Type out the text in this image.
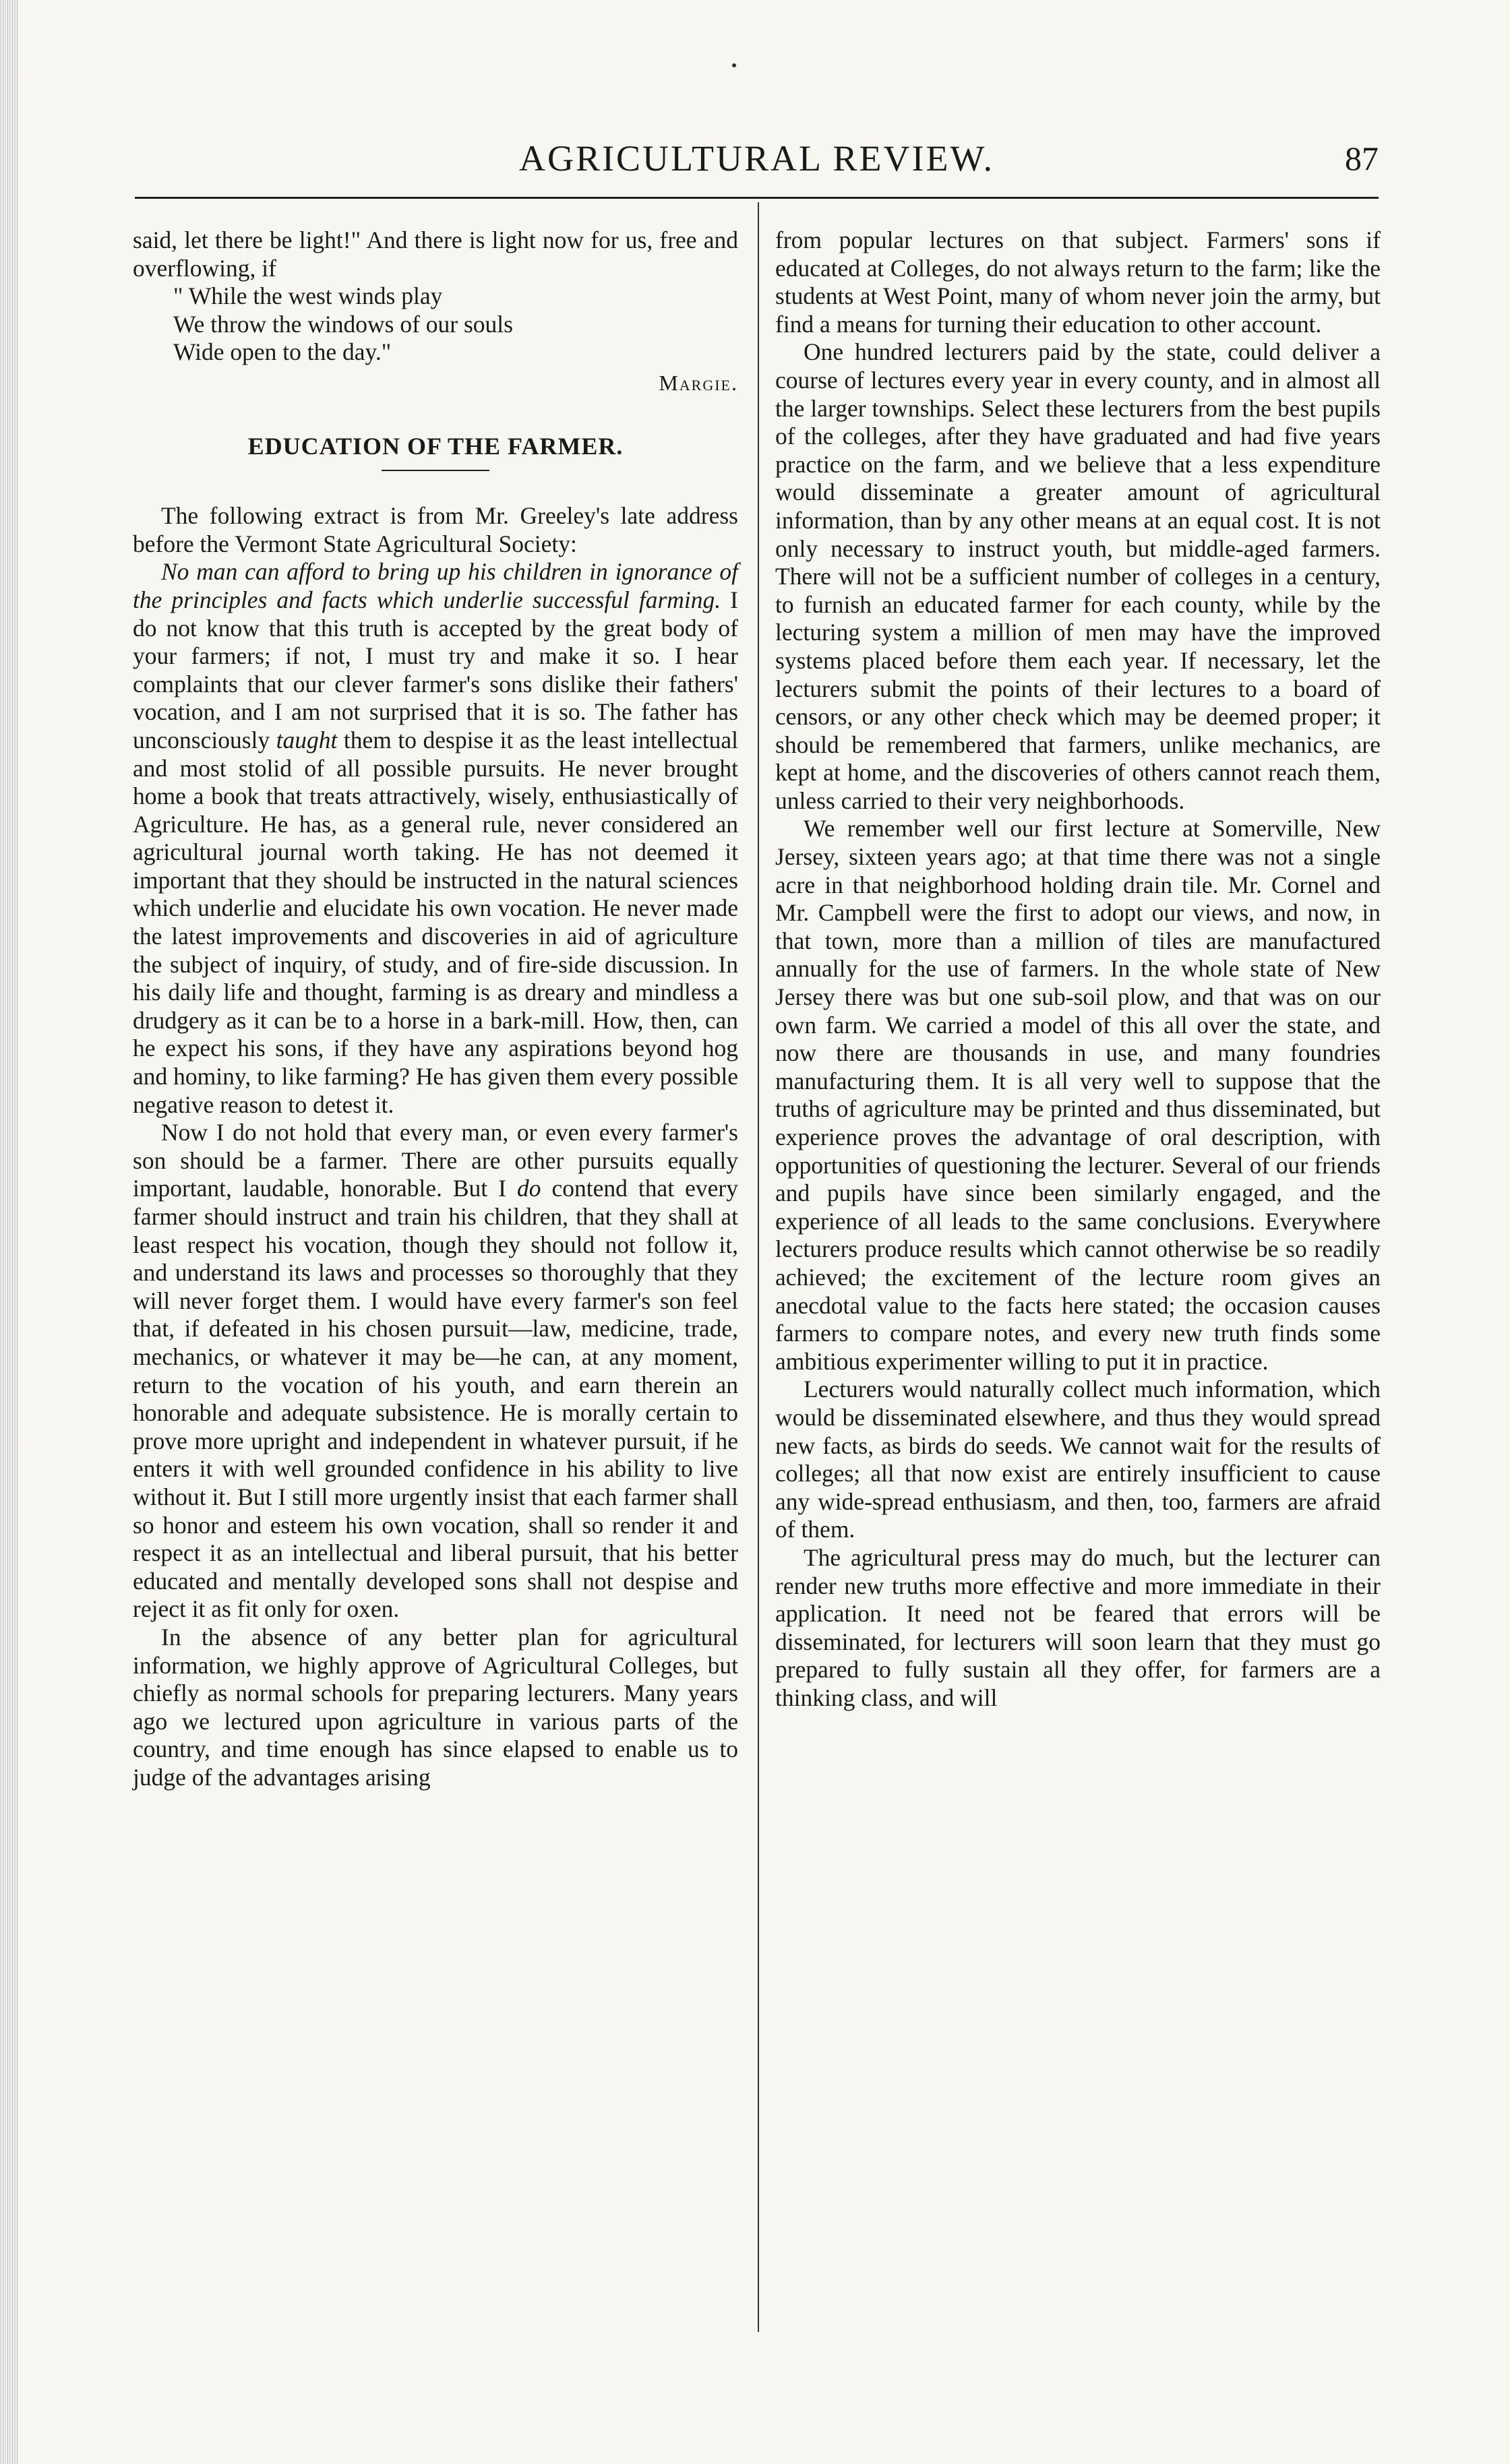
AGRICULTURAL REVIEW.	87

said, let there be light!" And there is light now for us, free and overflowing, if

" While the west winds play
We throw the windows of our souls
Wide open to the day."
Margie.
EDUCATION OF THE FARMER.

The following extract is from Mr. Greeley's late address before the Vermont State Agricultural Society:

No man can afford to bring up his children in ignorance of the principles and facts which underlie successful farming. I do not know that this truth is accepted by the great body of your farmers; if not, I must try and make it so. I hear complaints that our clever farmer's sons dislike their fathers' vocation, and I am not surprised that it is so. The father has unconsciously taught them to despise it as the least intellectual and most stolid of all possible pursuits. He never brought home a book that treats attractively, wisely, enthusiastically of Agriculture. He has, as a general rule, never considered an agricultural journal worth taking. He has not deemed it important that they should be instructed in the natural sciences which underlie and elucidate his own vocation. He never made the latest improvements and discoveries in aid of agriculture the subject of inquiry, of study, and of fire-side discussion. In his daily life and thought, farming is as dreary and mindless a drudgery as it can be to a horse in a bark-mill. How, then, can he expect his sons, if they have any aspirations beyond hog and hominy, to like farming? He has given them every possible negative reason to detest it.

Now I do not hold that every man, or even every farmer's son should be a farmer. There are other pursuits equally important, laudable, honorable. But I do contend that every farmer should instruct and train his children, that they shall at least respect his vocation, though they should not follow it, and understand its laws and processes so thoroughly that they will never forget them. I would have every farmer's son feel that, if defeated in his chosen pursuit—law, medicine, trade, mechanics, or whatever it may be—he can, at any moment, return to the vocation of his youth, and earn therein an honorable and adequate subsistence. He is morally certain to prove more upright and independent in whatever pursuit, if he enters it with well grounded confidence in his ability to live without it. But I still more urgently insist that each farmer shall so honor and esteem his own vocation, shall so render it and respect it as an intellectual and liberal pursuit, that his better educated and mentally developed sons shall not despise and reject it as fit only for oxen.

In the absence of any better plan for agricultural information, we highly approve of Agricultural Colleges, but chiefly as normal schools for preparing lecturers. Many years ago we lectured upon agriculture in various parts of the country, and time enough has since elapsed to enable us to judge of the advantages arising

from popular lectures on that subject. Farmers' sons if educated at Colleges, do not always return to the farm; like the students at West Point, many of whom never join the army, but find a means for turning their education to other account.

One hundred lecturers paid by the state, could deliver a course of lectures every year in every county, and in almost all the larger townships. Select these lecturers from the best pupils of the colleges, after they have graduated and had five years practice on the farm, and we believe that a less expenditure would disseminate a greater amount of agricultural information, than by any other means at an equal cost. It is not only necessary to instruct youth, but middle-aged farmers. There will not be a sufficient number of colleges in a century, to furnish an educated farmer for each county, while by the lecturing system a million of men may have the improved systems placed before them each year. If necessary, let the lecturers submit the points of their lectures to a board of censors, or any other check which may be deemed proper; it should be remembered that farmers, unlike mechanics, are kept at home, and the discoveries of others cannot reach them, unless carried to their very neighborhoods.

We remember well our first lecture at Somerville, New Jersey, sixteen years ago; at that time there was not a single acre in that neighborhood holding drain tile. Mr. Cornel and Mr. Campbell were the first to adopt our views, and now, in that town, more than a million of tiles are manufactured annually for the use of farmers. In the whole state of New Jersey there was but one sub-soil plow, and that was on our own farm. We carried a model of this all over the state, and now there are thousands in use, and many foundries manufacturing them. It is all very well to suppose that the truths of agriculture may be printed and thus disseminated, but experience proves the advantage of oral description, with opportunities of questioning the lecturer. Several of our friends and pupils have since been similarly engaged, and the experience of all leads to the same conclusions. Everywhere lecturers produce results which cannot otherwise be so readily achieved; the excitement of the lecture room gives an anecdotal value to the facts here stated; the occasion causes farmers to compare notes, and every new truth finds some ambitious experimenter willing to put it in practice.

Lecturers would naturally collect much information, which would be disseminated elsewhere, and thus they would spread new facts, as birds do seeds. We cannot wait for the results of colleges; all that now exist are entirely insufficient to cause any wide-spread enthusiasm, and then, too, farmers are afraid of them.

The agricultural press may do much, but the lecturer can render new truths more effective and more immediate in their application. It need not be feared that errors will be disseminated, for lecturers will soon learn that they must go prepared to fully sustain all they offer, for farmers are a thinking class, and will
